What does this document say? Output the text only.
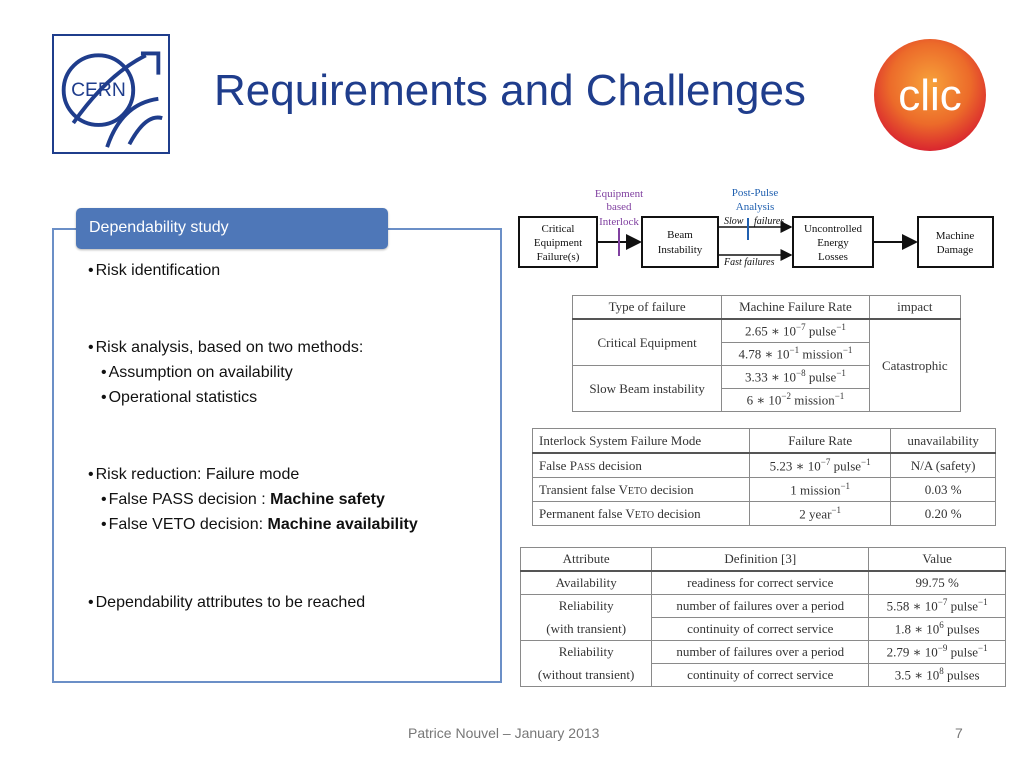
CERN Requirements and Challenges clic
Dependability study
• Risk identification
• Risk analysis, based on two methods:
• Assumption on availability
• Operational statistics
• Risk reduction: Failure mode
• False PASS decision : Machine safety
• False VETO decision: Machine availability
• Dependability attributes to be reached
Critical
Equipment
Failure(s)
Beam
Instability
Uncontrolled
Energy
Losses
Machine
Damage
Equipment
based
Interlock
Post-Pulse
Analysis
Slow failures
Fast failures
Type of failure	Machine Failure Rate	impact
Critical Equipment	2.65 ∗ $10^{-7}$ pulse$^{-1}$	Catastrophic
	4.78 ∗ $10^{-1}$ mission$^{-1}$
Slow Beam instability	3.33 ∗ $10^{-8}$ pulse$^{-1}$
	6 ∗ $10^{-2}$ mission$^{-1}$
Interlock System Failure Mode	Failure Rate	unavailability
False PASS decision	5.23 ∗ $10^{-7}$ pulse$^{-1}$	N/A (safety)
Transient false VETO decision	1 mission$^{-1}$	0.03 %
Permanent false VETO decision	2 year$^{-1}$	0.20 %
Attribute	Definition [3]	Value
Availability	readiness for correct service	99.75 %
Reliability	number of failures over a period	5.58 ∗ $10^{-7}$ pulse$^{-1}$
(with transient)	continuity of correct service	1.8 ∗ $10^6$ pulses
Reliability	number of failures over a period	2.79 ∗ $10^{-9}$ pulse$^{-1}$
(without transient)	continuity of correct service	3.5 ∗ $10^8$ pulses
Patrice Nouvel – January 2013	7
